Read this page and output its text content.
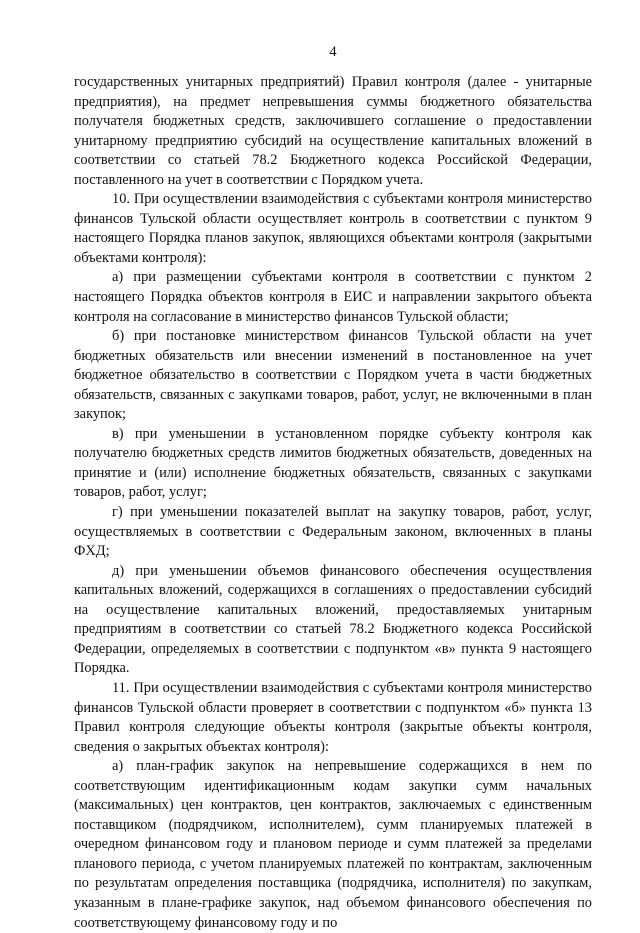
4

государственных унитарных предприятий) Правил контроля (далее - унитарные предприятия), на предмет непревышения суммы бюджетного обязательства получателя бюджетных средств, заключившего соглашение о предоставлении унитарному предприятию субсидий на осуществление капитальных вложений в соответствии со статьей 78.2 Бюджетного кодекса Российской Федерации, поставленного на учет в соответствии с Порядком учета.

10. При осуществлении взаимодействия с субъектами контроля министерство финансов Тульской области осуществляет контроль в соответствии с пунктом 9 настоящего Порядка планов закупок, являющихся объектами контроля (закрытыми объектами контроля):

а) при размещении субъектами контроля в соответствии с пунктом 2 настоящего Порядка объектов контроля в ЕИС и направлении закрытого объекта контроля на согласование в министерство финансов Тульской области;

б) при постановке министерством финансов Тульской области на учет бюджетных обязательств или внесении изменений в постановленное на учет бюджетное обязательство в соответствии с Порядком учета в части бюджетных обязательств, связанных с закупками товаров, работ, услуг, не включенными в план закупок;

в) при уменьшении в установленном порядке субъекту контроля как получателю бюджетных средств лимитов бюджетных обязательств, доведенных на принятие и (или) исполнение бюджетных обязательств, связанных с закупками товаров, работ, услуг;

г) при уменьшении показателей выплат на закупку товаров, работ, услуг, осуществляемых в соответствии с Федеральным законом, включенных в планы ФХД;

д) при уменьшении объемов финансового обеспечения осуществления капитальных вложений, содержащихся в соглашениях о предоставлении субсидий на осуществление капитальных вложений, предоставляемых унитарным предприятиям в соответствии со статьей 78.2 Бюджетного кодекса Российской Федерации, определяемых в соответствии с подпунктом «в» пункта 9 настоящего Порядка.

11. При осуществлении взаимодействия с субъектами контроля министерство финансов Тульской области проверяет в соответствии с подпунктом «б» пункта 13 Правил контроля следующие объекты контроля (закрытые объекты контроля, сведения о закрытых объектах контроля):

а) план-график закупок на непревышение содержащихся в нем по соответствующим идентификационным кодам закупки сумм начальных (максимальных) цен контрактов, цен контрактов, заключаемых с единственным поставщиком (подрядчиком, исполнителем), сумм планируемых платежей в очередном финансовом году и плановом периоде и сумм платежей за пределами планового периода, с учетом планируемых платежей по контрактам, заключенным по результатам определения поставщика (подрядчика, исполнителя) по закупкам, указанным в плане-графике закупок, над объемом финансового обеспечения по соответствующему финансовому году и по
